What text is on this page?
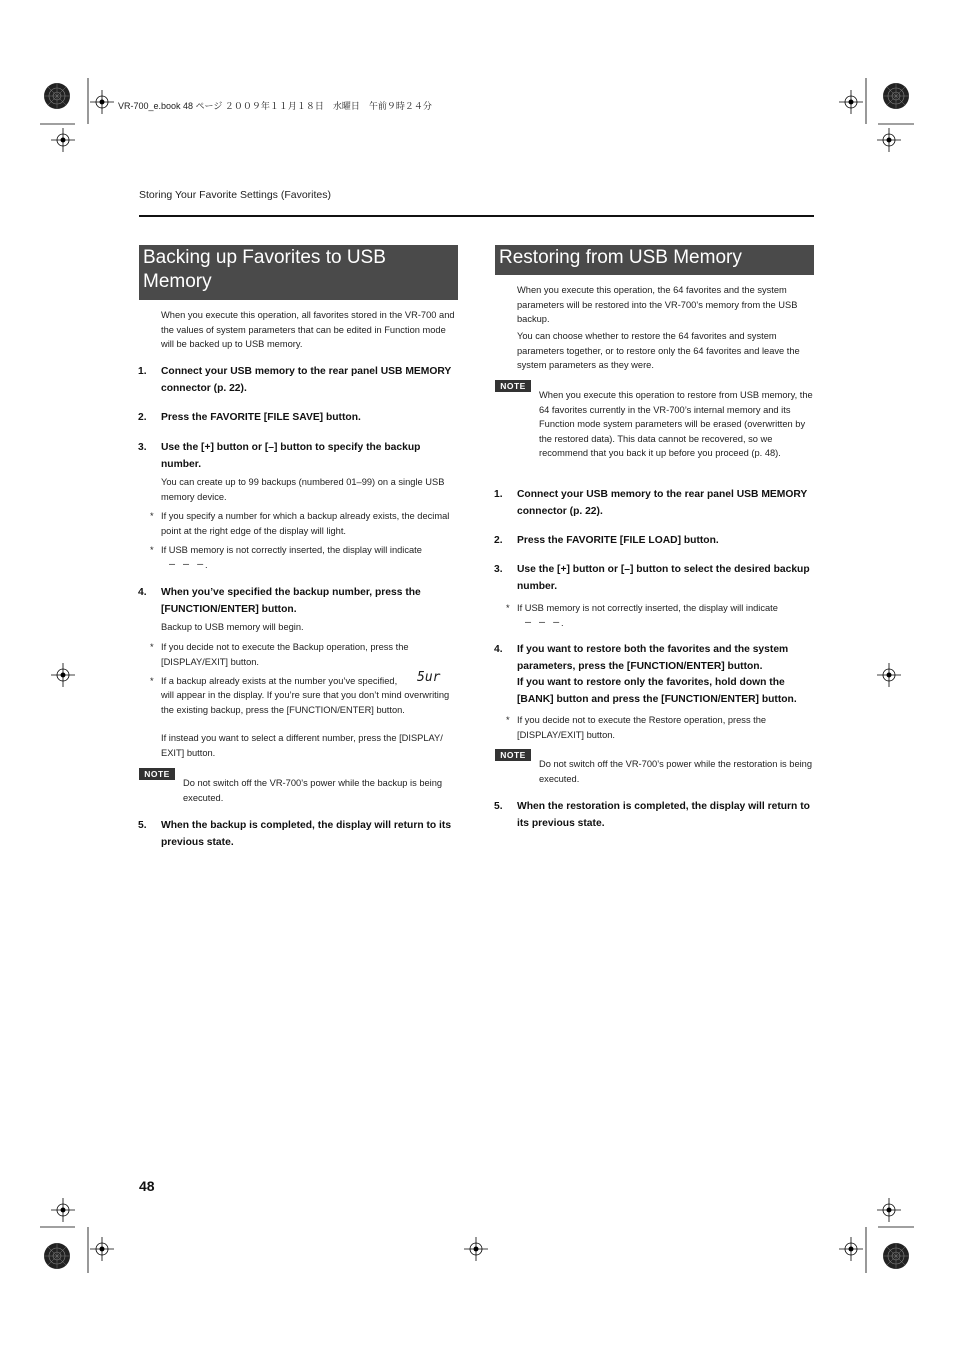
VR-700_e.book 48 ページ ２００９年１１月１８日　水曜日　午前９時２４分
Storing Your Favorite Settings (Favorites)
Backing up Favorites to USB Memory
When you execute this operation, all favorites stored in the VR-700 and the values of system parameters that can be edited in Function mode will be backed up to USB memory.
1. Connect your USB memory to the rear panel USB MEMORY connector (p. 22).
2. Press the FAVORITE [FILE SAVE] button.
3. Use the [+] button or [–] button to specify the backup number.
You can create up to 99 backups (numbered 01–99) on a single USB memory device.
* If you specify a number for which a backup already exists, the decimal point at the right edge of the display will light.
* If USB memory is not correctly inserted, the display will indicate
– – – .
4. When you’ve specified the backup number, press the [FUNCTION/ENTER] button.
Backup to USB memory will begin.
* If you decide not to execute the Backup operation, press the [DISPLAY/EXIT] button.
* If a backup already exists at the number you’ve specified,	5ur
will appear in the display. If you’re sure that you don’t mind overwriting the existing backup, press the [FUNCTION/ENTER] button.
If instead you want to select a different number, press the [DISPLAY/ EXIT] button.
NOTE
Do not switch off the VR-700’s power while the backup is being executed.
5. When the backup is completed, the display will return to its previous state.
Restoring from USB Memory
When you execute this operation, the 64 favorites and the system parameters will be restored into the VR-700’s memory from the USB backup.
You can choose whether to restore the 64 favorites and system parameters together, or to restore only the 64 favorites and leave the system parameters as they were.
NOTE
When you execute this operation to restore from USB memory, the 64 favorites currently in the VR-700’s internal memory and its Function mode system parameters will be erased (overwritten by the restored data). This data cannot be recovered, so we recommend that you back it up before you proceed (p. 48).
1. Connect your USB memory to the rear panel USB MEMORY connector (p. 22).
2. Press the FAVORITE [FILE LOAD] button.
3. Use the [+] button or [–] button to select the desired backup number.
* If USB memory is not correctly inserted, the display will indicate
– – – .
4. If you want to restore both the favorites and the system parameters, press the [FUNCTION/ENTER] button.
If you want to restore only the favorites, hold down the [BANK] button and press the [FUNCTION/ENTER] button.
* If you decide not to execute the Restore operation, press the [DISPLAY/EXIT] button.
NOTE
Do not switch off the VR-700’s power while the restoration is being executed.
5. When the restoration is completed, the display will return to its previous state.
48
